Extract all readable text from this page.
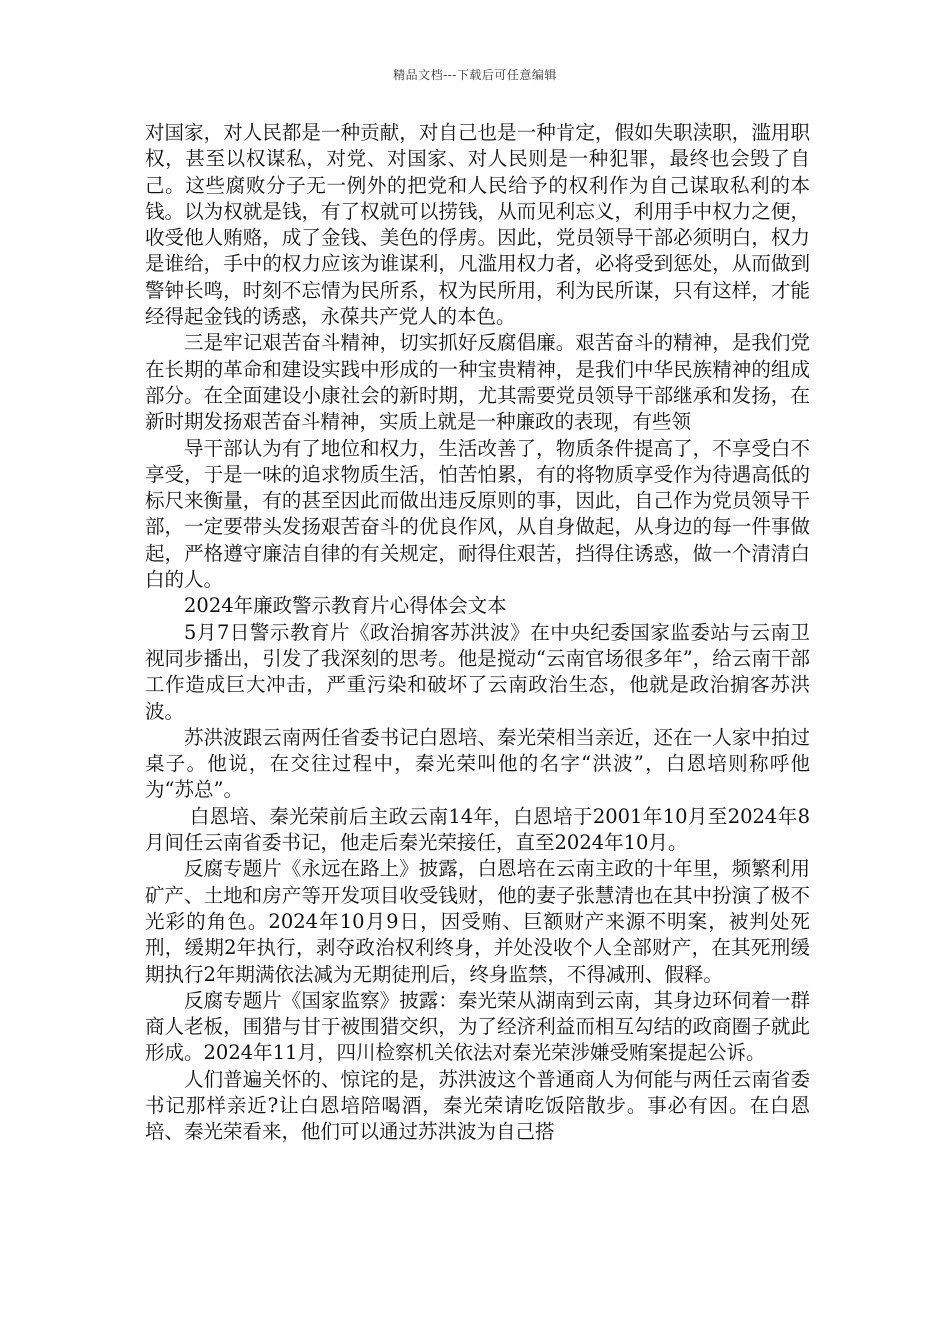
精品文档---下载后可任意编辑

对国家，对人民都是一种贡献，对自己也是一种肯定，假如失职渎职，滥用职权，甚至以权谋私，对党、对国家、对人民则是一种犯罪，最终也会毁了自己。这些腐败分子无一例外的把党和人民给予的权利作为自己谋取私利的本钱。以为权就是钱，有了权就可以捞钱，从而见利忘义，利用手中权力之便，收受他人贿赂，成了金钱、美色的俘虏。因此，党员领导干部必须明白，权力是谁给，手中的权力应该为谁谋利，凡滥用权力者，必将受到惩处，从而做到警钟长鸣，时刻不忘情为民所系，权为民所用，利为民所谋，只有这样，才能经得起金钱的诱惑，永葆共产党人的本色。

三是牢记艰苦奋斗精神，切实抓好反腐倡廉。艰苦奋斗的精神，是我们党在长期的革命和建设实践中形成的一种宝贵精神，是我们中华民族精神的组成部分。在全面建设小康社会的新时期，尤其需要党员领导干部继承和发扬，在新时期发扬艰苦奋斗精神，实质上就是一种廉政的表现，有些领

导干部认为有了地位和权力，生活改善了，物质条件提高了，不享受白不享受，于是一味的追求物质生活，怕苦怕累，有的将物质享受作为待遇高低的标尺来衡量，有的甚至因此而做出违反原则的事，因此，自己作为党员领导干部，一定要带头发扬艰苦奋斗的优良作风，从自身做起，从身边的每一件事做起，严格遵守廉洁自律的有关规定，耐得住艰苦，挡得住诱惑，做一个清清白白的人。

2024年廉政警示教育片心得体会文本

5月7日警示教育片《政治掮客苏洪波》在中央纪委国家监委站与云南卫视同步播出，引发了我深刻的思考。他是搅动“云南官场很多年”，给云南干部工作造成巨大冲击，严重污染和破坏了云南政治生态，他就是政治掮客苏洪波。

苏洪波跟云南两任省委书记白恩培、秦光荣相当亲近，还在一人家中拍过桌子。他说，在交往过程中，秦光荣叫他的名字“洪波”，白恩培则称呼他为“苏总”。

白恩培、秦光荣前后主政云南14年，白恩培于2001年10月至2024年8月间任云南省委书记，他走后秦光荣接任，直至2024年10月。

反腐专题片《永远在路上》披露，白恩培在云南主政的十年里，频繁利用矿产、土地和房产等开发项目收受钱财，他的妻子张慧清也在其中扮演了极不光彩的角色。2024年10月9日，因受贿、巨额财产来源不明案，被判处死刑，缓期2年执行，剥夺政治权利终身，并处没收个人全部财产，在其死刑缓期执行2年期满依法减为无期徒刑后，终身监禁，不得减刑、假释。

反腐专题片《国家监察》披露：秦光荣从湖南到云南，其身边环伺着一群商人老板，围猎与甘于被围猎交织，为了经济利益而相互勾结的政商圈子就此形成。2024年11月，四川检察机关依法对秦光荣涉嫌受贿案提起公诉。

人们普遍关怀的、惊诧的是，苏洪波这个普通商人为何能与两任云南省委书记那样亲近?让白恩培陪喝酒，秦光荣请吃饭陪散步。事必有因。在白恩培、秦光荣看来，他们可以通过苏洪波为自己搭
